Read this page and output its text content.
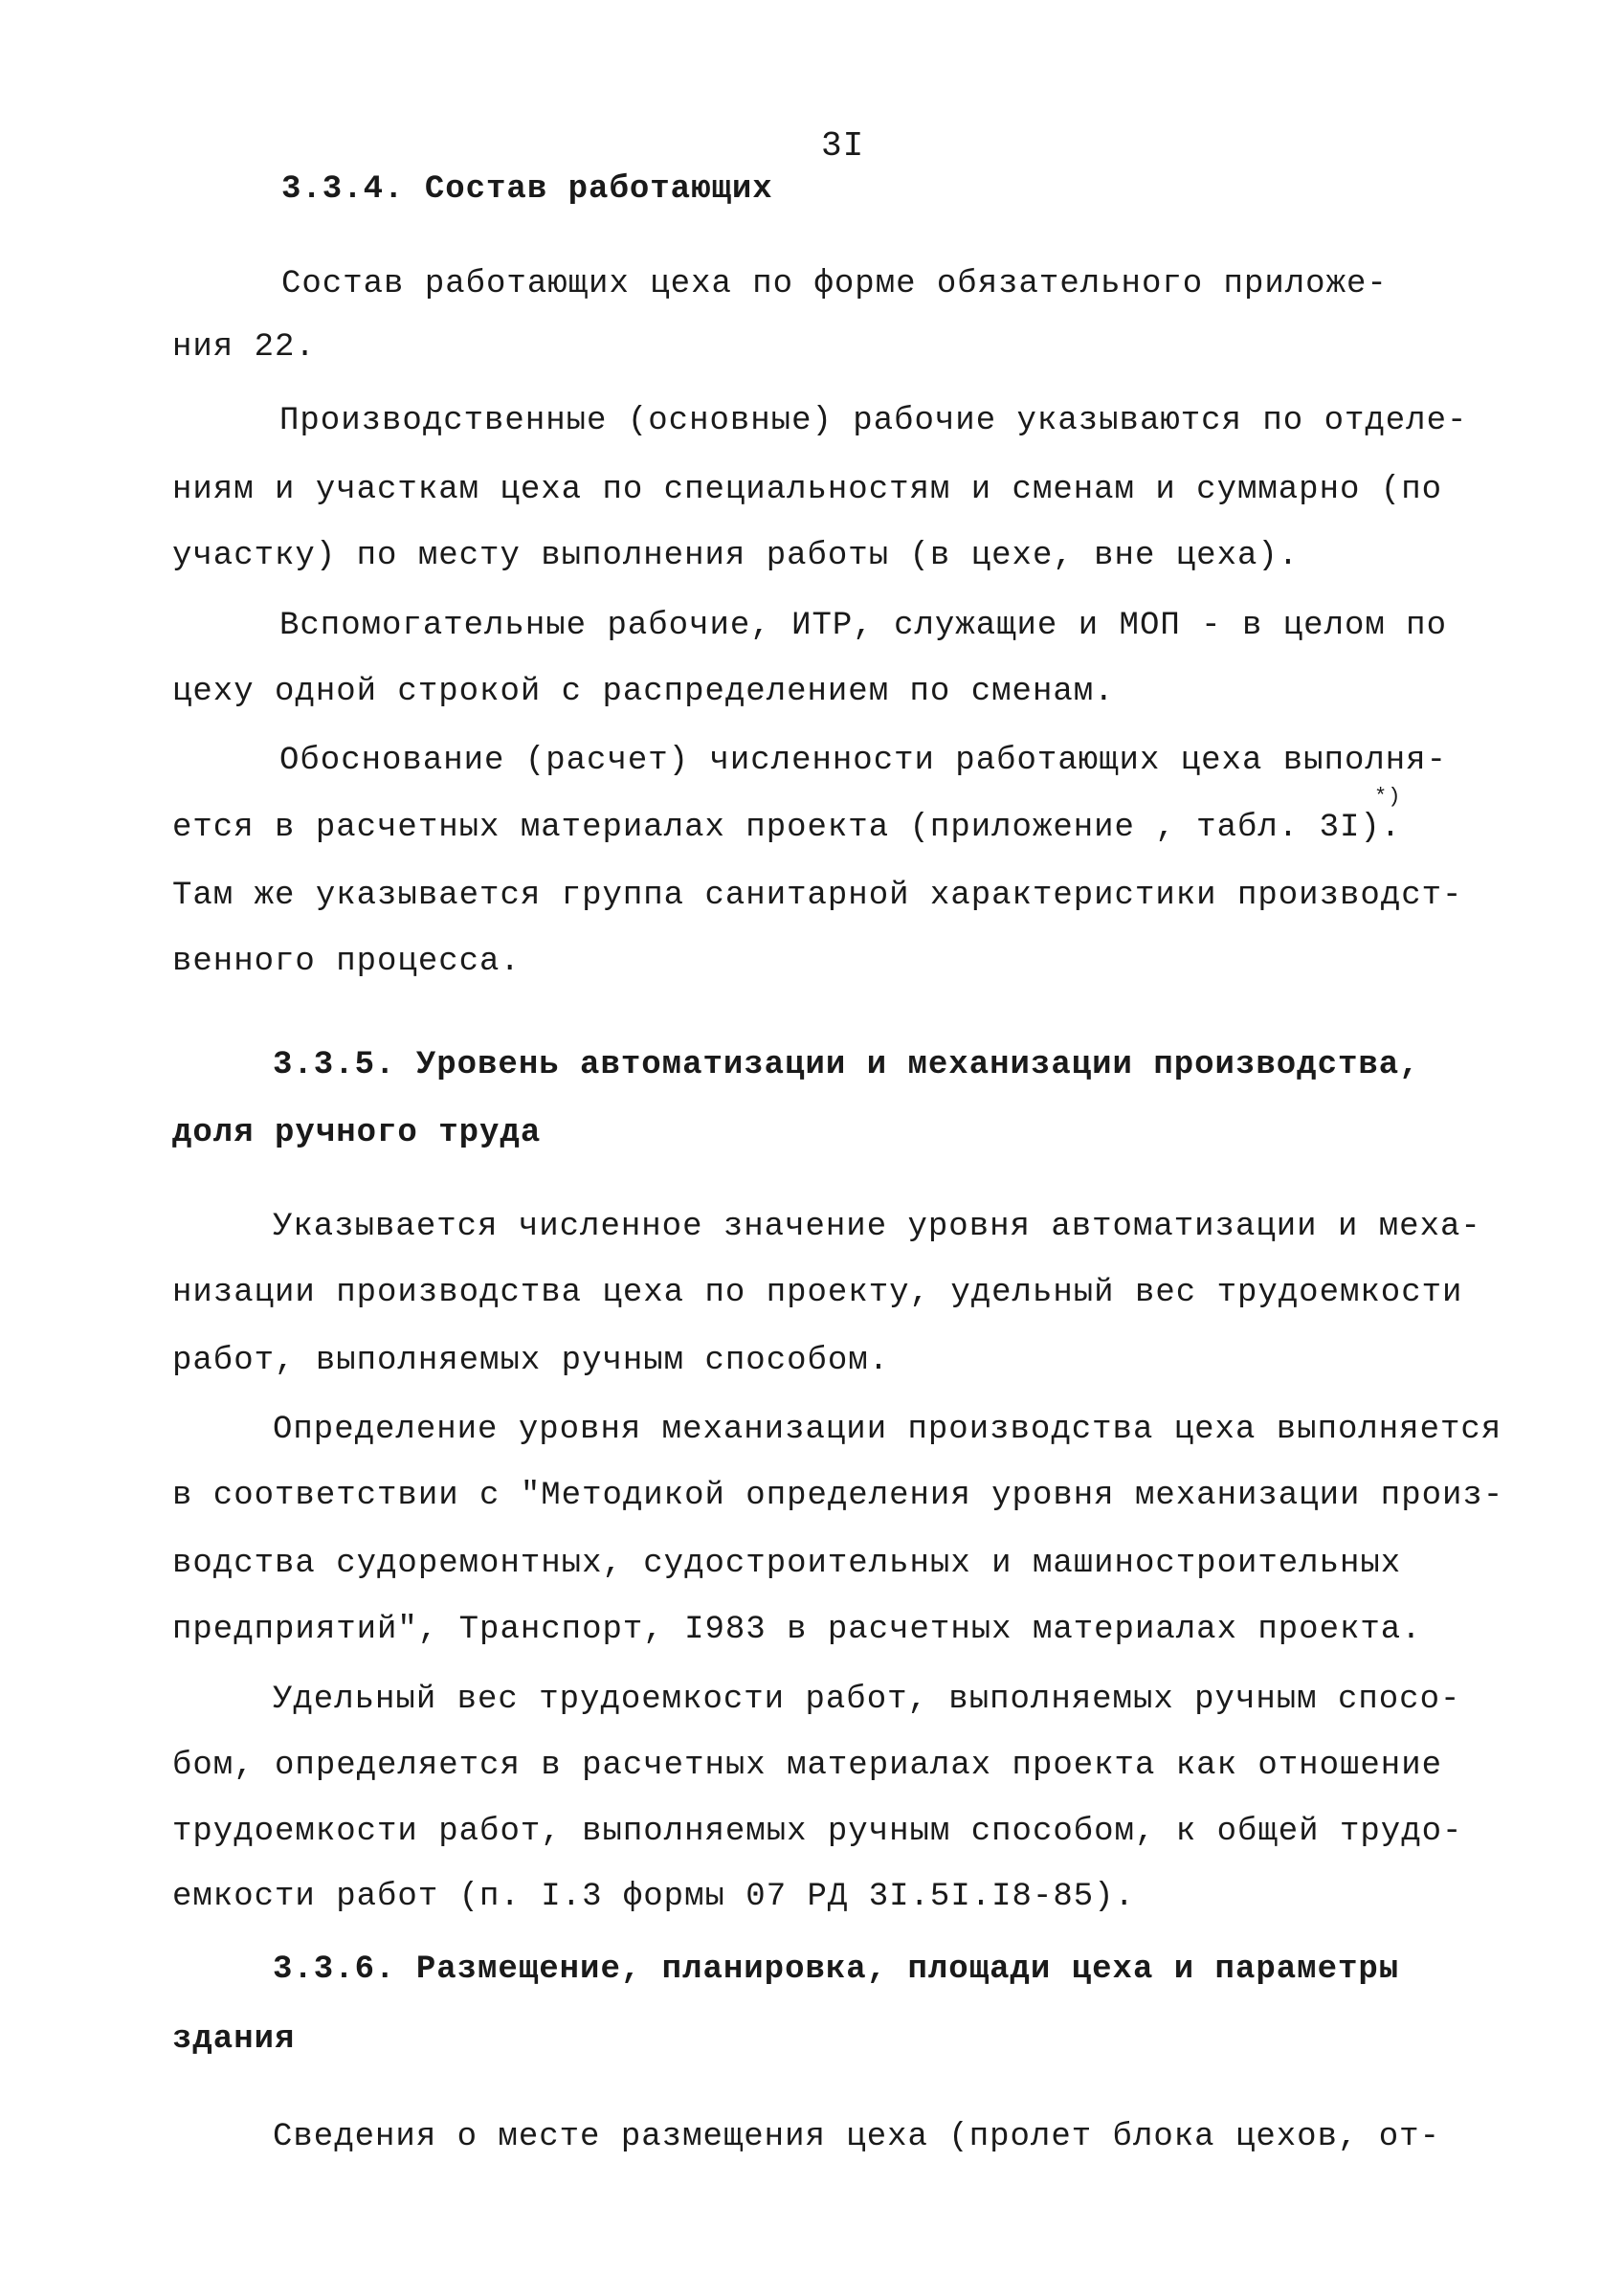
3I
3.3.4. Состав работающих
Состав работающих цеха по форме обязательного приложе-
ния 22.
Производственные (основные) рабочие указываются по отделе-
ниям и участкам цеха по специальностям и сменам и суммарно (по
участку) по месту выполнения работы (в цехе, вне цеха).
Вспомогательные рабочие, ИТР, служащие и МОП - в целом по
цеху одной строкой с распределением по сменам.
Обоснование (расчет) численности работающих цеха выполня-
*)
ется в расчетных материалах проекта (приложение , табл. 3I).
Там же указывается группа санитарной характеристики производст-
венного процесса.
3.3.5. Уровень автоматизации и механизации производства,
доля ручного труда
Указывается численное значение уровня автоматизации и меха-
низации производства цеха по проекту, удельный вес трудоемкости
работ, выполняемых ручным способом.
Определение уровня механизации производства цеха выполняется
в соответствии с "Методикой определения уровня механизации произ-
водства судоремонтных, судостроительных и машиностроительных
предприятий", Транспорт, I983 в расчетных материалах проекта.
Удельный вес трудоемкости работ, выполняемых ручным спосо-
бом, определяется в расчетных материалах проекта как отношение
трудоемкости работ, выполняемых ручным способом, к общей трудо-
емкости работ (п. I.3 формы 07 РД 3I.5I.I8-85).
3.3.6. Размещение, планировка, площади цеха и параметры
здания
Сведения о месте размещения цеха (пролет блока цехов, от-
